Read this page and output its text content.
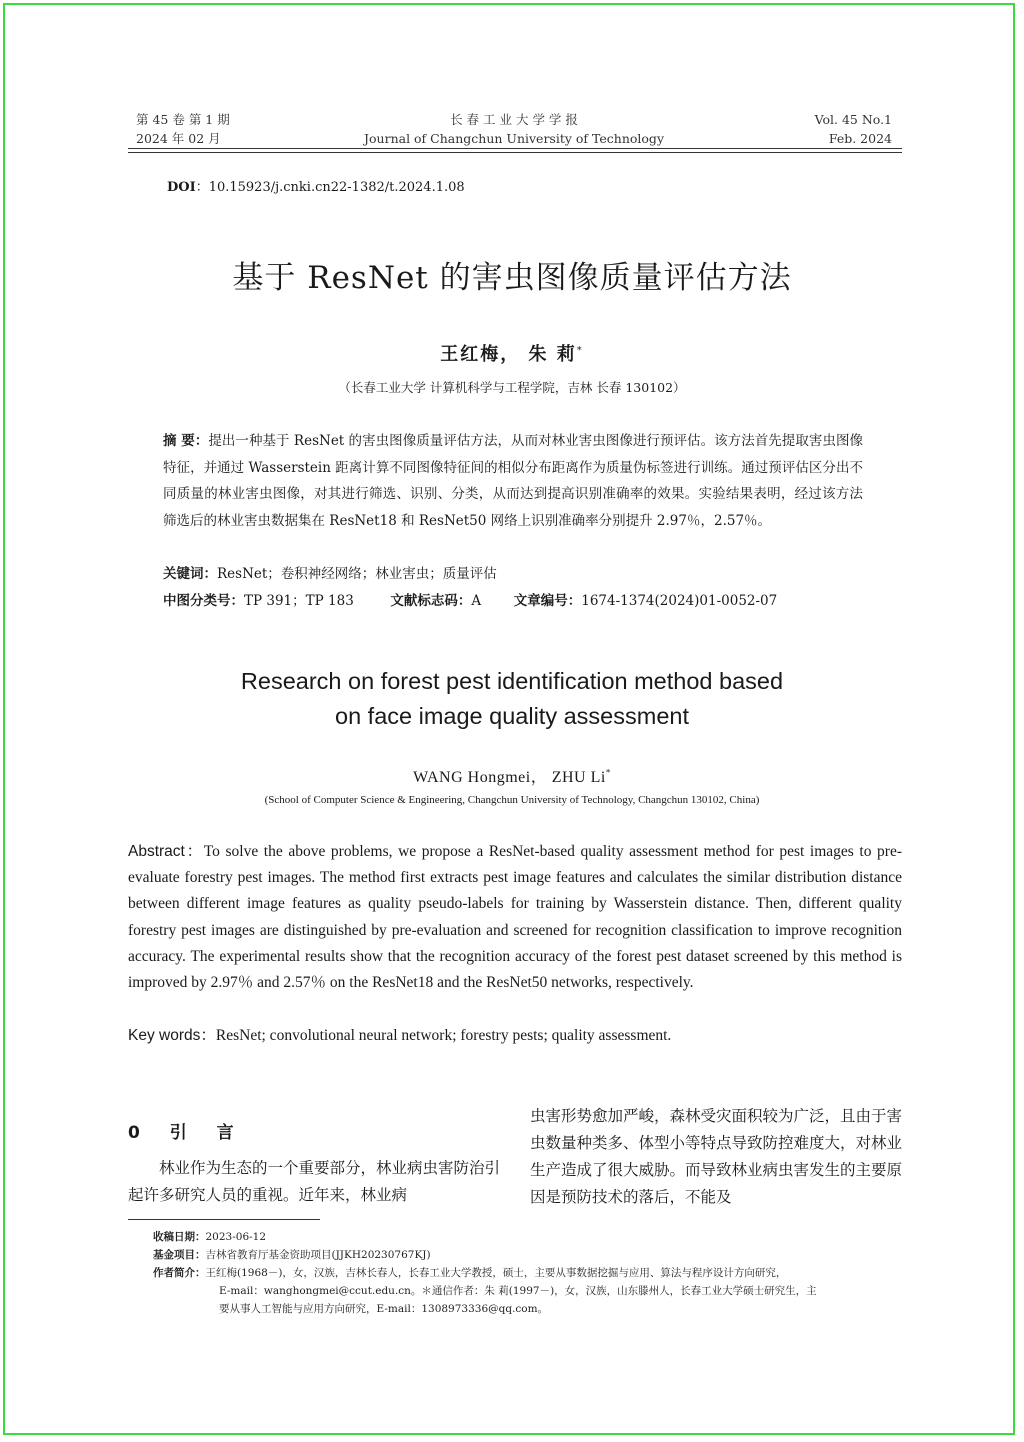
第 45 卷 第 1 期
2024 年 02 月
长 春 工 业 大 学 学 报
Journal of Changchun University of Technology
Vol. 45 No.1
Feb. 2024
DOI：10.15923/j.cnki.cn22-1382/t.2024.1.08
基于 ResNet 的害虫图像质量评估方法
王红梅， 朱 莉*
（长春工业大学 计算机科学与工程学院，吉林 长春 130102）
摘 要：提出一种基于 ResNet 的害虫图像质量评估方法，从而对林业害虫图像进行预评估。该方法首先提取害虫图像特征，并通过 Wasserstein 距离计算不同图像特征间的相似分布距离作为质量伪标签进行训练。通过预评估区分出不同质量的林业害虫图像，对其进行筛选、识别、分类，从而达到提高识别准确率的效果。实验结果表明，经过该方法筛选后的林业害虫数据集在 ResNet18 和 ResNet50 网络上识别准确率分别提升 2.97％，2.57％。
关键词：ResNet；卷积神经网络；林业害虫；质量评估
中图分类号：TP 391；TP 183	文献标志码：A 文章编号：1674-1374(2024)01-0052-07
Research on forest pest identification method based
on face image quality assessment
WANG Hongmei， ZHU Li*
(School of Computer Science & Engineering, Changchun University of Technology, Changchun 130102, China)
Abstract：To solve the above problems, we propose a ResNet-based quality assessment method for pest images to pre-evaluate forestry pest images. The method first extracts pest image features and calculates the similar distribution distance between different image features as quality pseudo-labels for training by Wasserstein distance. Then, different quality forestry pest images are distinguished by pre-evaluation and screened for recognition classification to improve recognition accuracy. The experimental results show that the recognition accuracy of the forest pest dataset screened by this method is improved by 2.97％ and 2.57％ on the ResNet18 and the ResNet50 networks, respectively.
Key words：ResNet; convolutional neural network; forestry pests; quality assessment.
0 引 言
林业作为生态的一个重要部分，林业病虫害防治引起许多研究人员的重视。近年来，林业病
虫害形势愈加严峻，森林受灾面积较为广泛，且由于害虫数量种类多、体型小等特点导致防控难度大，对林业生产造成了很大威胁。而导致林业病虫害发生的主要原因是预防技术的落后，不能及
收稿日期：2023-06-12
基金项目：吉林省教育厅基金资助项目(JJKH20230767KJ)
作者简介：王红梅(1968－)，女，汉族，吉林长春人，长春工业大学教授，硕士，主要从事数据挖掘与应用、算法与程序设计方向研究，
E-mail：wanghongmei@ccut.edu.cn。＊通信作者：朱 莉(1997－)，女，汉族，山东滕州人，长春工业大学硕士研究生，主
要从事人工智能与应用方向研究，E-mail：1308973336@qq.com。
